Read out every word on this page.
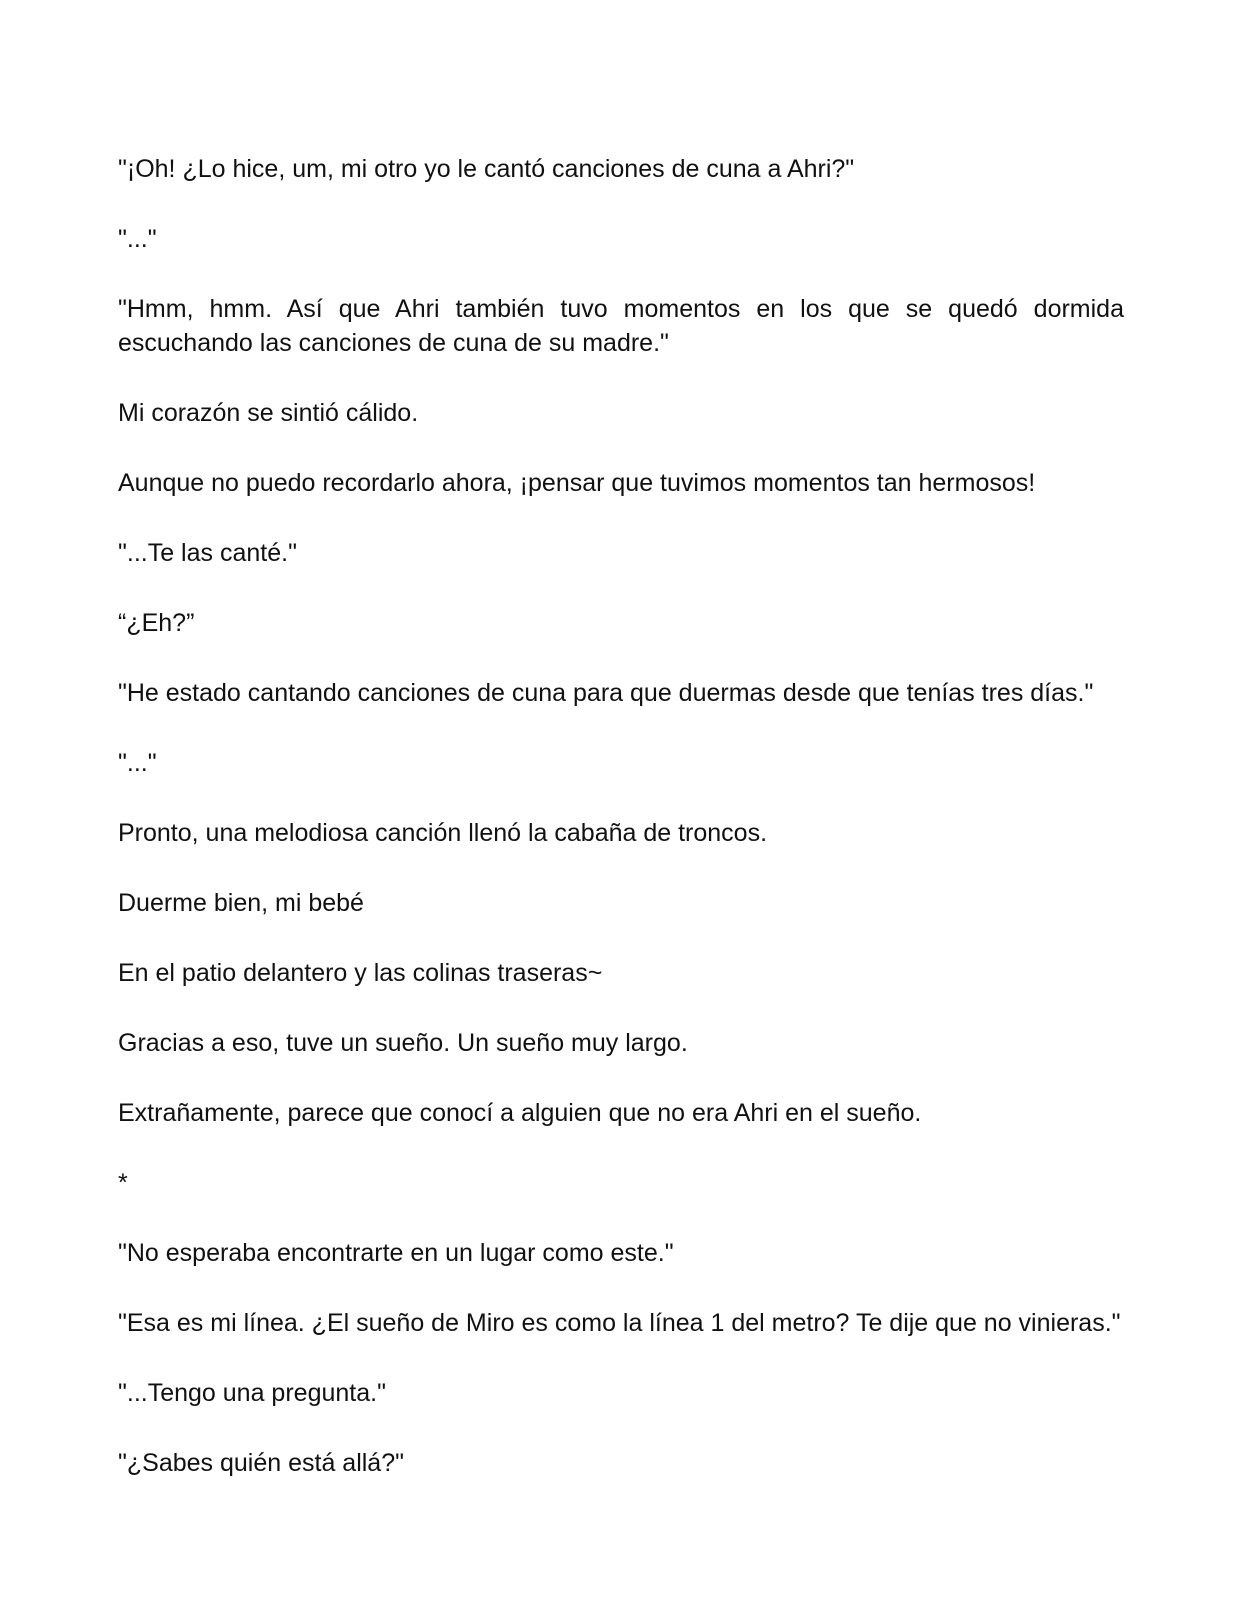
"¡Oh! ¿Lo hice, um, mi otro yo le cantó canciones de cuna a Ahri?"

"..."

"Hmm, hmm. Así que Ahri también tuvo momentos en los que se quedó dormida escuchando las canciones de cuna de su madre."

Mi corazón se sintió cálido.

Aunque no puedo recordarlo ahora, ¡pensar que tuvimos momentos tan hermosos!

"...Te las canté."

“¿Eh?”

"He estado cantando canciones de cuna para que duermas desde que tenías tres días."

"..."

Pronto, una melodiosa canción llenó la cabaña de troncos.

Duerme bien, mi bebé

En el patio delantero y las colinas traseras~

Gracias a eso, tuve un sueño. Un sueño muy largo.

Extrañamente, parece que conocí a alguien que no era Ahri en el sueño.

*

"No esperaba encontrarte en un lugar como este."

"Esa es mi línea. ¿El sueño de Miro es como la línea 1 del metro? Te dije que no vinieras."

"...Tengo una pregunta."

"¿Sabes quién está allá?"
